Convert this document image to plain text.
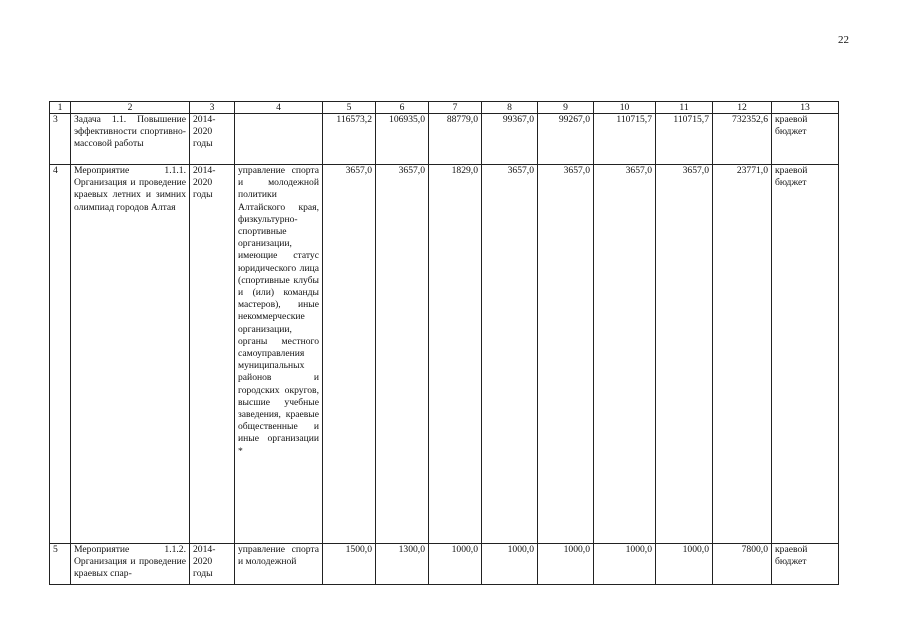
22
1	2	3	4	5	6	7	8	9	10	11	12	13
3	Задача 1.1. Повышение эффективности спортивно-массовой работы	2014-2020 годы		116573,2	106935,0	88779,0	99367,0	99267,0	110715,7	110715,7	732352,6	краевой бюджет
4	Мероприятие 1.1.1. Организация и проведение краевых летних и зимних олимпиад городов Алтая	2014-2020 годы	управление спорта и молодежной политики Алтайского края, физкультурно-спортивные организации, имеющие статус юридического лица (спортивные клубы и (или) команды мастеров), иные некоммерческие организации, органы местного самоуправления муниципальных районов и городских округов, высшие учебные заведения, краевые общественные и иные организации *	3657,0	3657,0	1829,0	3657,0	3657,0	3657,0	3657,0	23771,0	краевой бюджет
5	Мероприятие 1.1.2. Организация и проведение краевых спар-	2014-2020 годы	управление спорта и молодежной	1500,0	1300,0	1000,0	1000,0	1000,0	1000,0	1000,0	7800,0	краевой бюджет
